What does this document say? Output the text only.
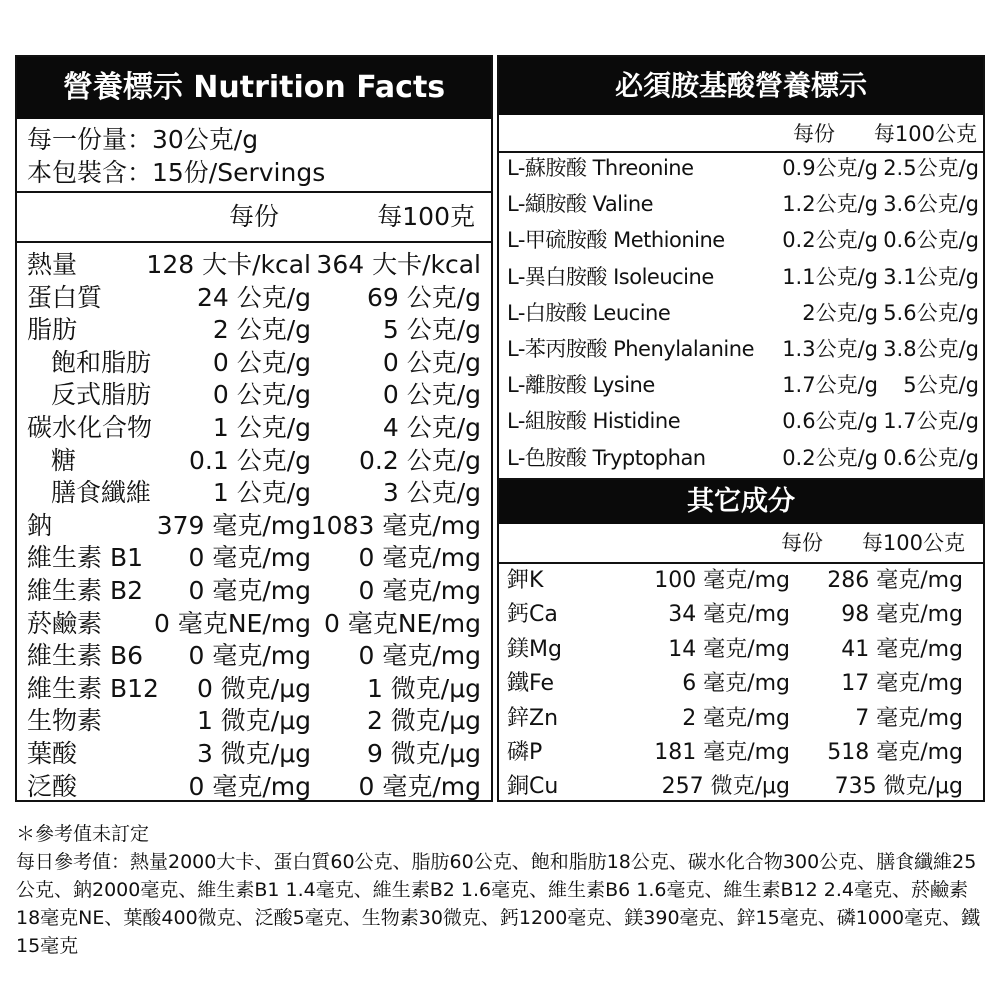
營養標示 Nutrition Facts
每一份量：30公克/g
本包裝含：15份/Servings
每份	每100克
熱量	128 大卡/kcal 364 大卡/kcal
蛋白質	24 公克/g 69 公克/g
脂肪	2 公克/g	5 公克/g
飽和脂肪 0 公克/g	0 公克/g
反式脂肪 0 公克/g	0 公克/g
碳水化合物 1 公克/g	4 公克/g
糖	0.1 公克/g 0.2 公克/g
膳食纖維 1 公克/g	3 公克/g
鈉	379 毫克/mg 1083 毫克/mg
維生素 B1 0 毫克/mg 0 毫克/mg
維生素 B2 0 毫克/mg 0 毫克/mg
菸鹼素 0 毫克NE/mg 0 毫克NE/mg
維生素 B6 0 毫克/mg 0 毫克/mg
維生素 B12 0 微克/μg 1 微克/μg
生物素	1 微克/μg 2 微克/μg
葉酸	3 微克/μg 9 微克/μg
泛酸	0 毫克/mg 0 毫克/mg
必須胺基酸營養標示
每份 每100公克
L-蘇胺酸 Threonine	0.9公克/g 2.5公克/g
L-纈胺酸 Valine	1.2公克/g 3.6公克/g
L-甲硫胺酸 Methionine	0.2公克/g 0.6公克/g
L-異白胺酸 Isoleucine	1.1公克/g 3.1公克/g
L-白胺酸 Leucine	2公克/g 5.6公克/g
L-苯丙胺酸 Phenylalanine 1.3公克/g 3.8公克/g
L-離胺酸 Lysine	1.7公克/g 5公克/g
L-組胺酸 Histidine	0.6公克/g 1.7公克/g
L-色胺酸 Tryptophan	0.2公克/g 0.6公克/g
其它成分
每份 每100公克
鉀K	100 毫克/mg 286 毫克/mg
鈣Ca	34 毫克/mg 98 毫克/mg
鎂Mg	14 毫克/mg 41 毫克/mg
鐵Fe	6 毫克/mg 17 毫克/mg
鋅Zn	2 毫克/mg	7 毫克/mg
磷P	181 毫克/mg 518 毫克/mg
銅Cu	257 微克/μg 735 微克/μg

＊參考值未訂定

每日參考值：熱量2000大卡、蛋白質60公克、脂肪60公克、飽和脂肪18公克、碳水化合物300公克、膳食纖維25公克、鈉2000毫克、維生素B1 1.4毫克、維生素B2 1.6毫克、維生素B6 1.6毫克、維生素B12 2.4毫克、菸鹼素18毫克NE、葉酸400微克、泛酸5毫克、生物素30微克、鈣1200毫克、鎂390毫克、鋅15毫克、磷1000毫克、鐵15毫克
